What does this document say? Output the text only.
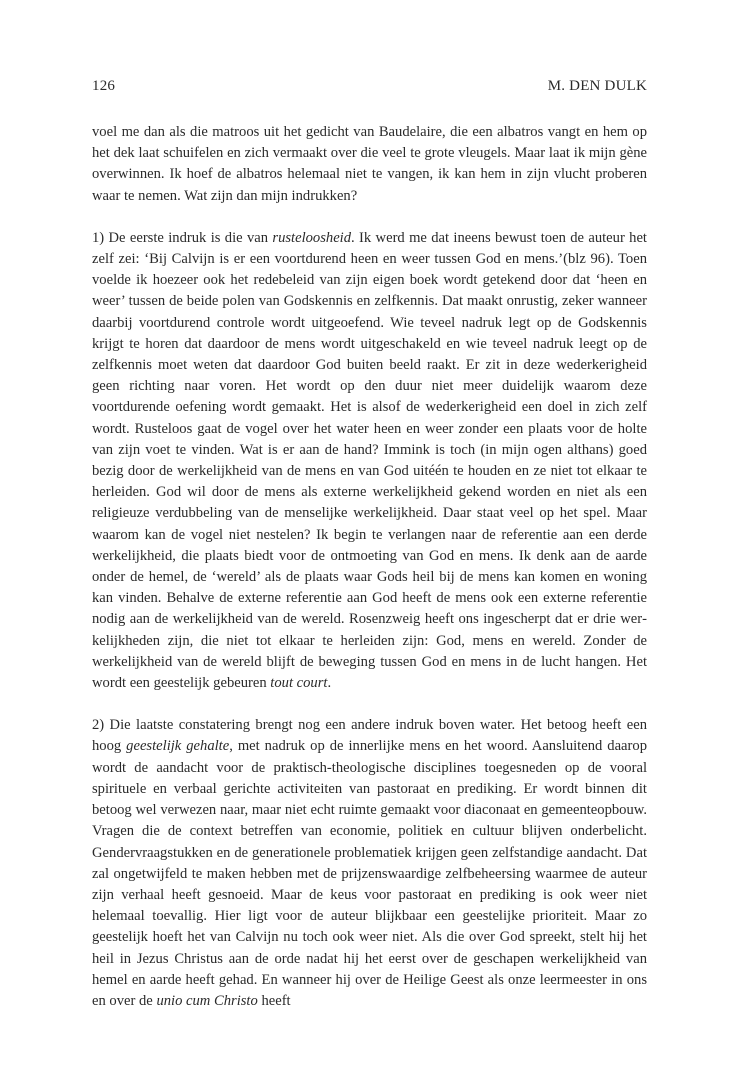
126	M. DEN DULK

voel me dan als die matroos uit het gedicht van Baudelaire, die een albatros vangt en hem op het dek laat schuifelen en zich vermaakt over die veel te grote vleugels. Maar laat ik mijn gène overwinnen. Ik hoef de albatros helemaal niet te vangen, ik kan hem in zijn vlucht proberen waar te nemen. Wat zijn dan mijn indrukken?

1) De eerste indruk is die van rusteloosheid. Ik werd me dat ineens bewust toen de auteur het zelf zei: ‘Bij Calvijn is er een voortdurend heen en weer tussen God en mens.’(blz 96). Toen voelde ik hoezeer ook het redebeleid van zijn eigen boek wordt getekend door dat ‘heen en weer’ tussen de beide polen van Godskennis en zelfkennis. Dat maakt onrustig, zeker wanneer daarbij voortdurend controle wordt uitgeoefend. Wie teveel nadruk legt op de Godskennis krijgt te horen dat daardoor de mens wordt uitgeschakeld en wie teveel nadruk leegt op de zelfkennis moet weten dat daardoor God buiten beeld raakt. Er zit in deze wederkerigheid geen richting naar voren. Het wordt op den duur niet meer duidelijk waarom deze voortdurende oefening wordt gemaakt. Het is alsof de wederkerigheid een doel in zich zelf wordt. Rusteloos gaat de vogel over het water heen en weer zonder een plaats voor de holte van zijn voet te vinden. Wat is er aan de hand? Immink is toch (in mijn ogen althans) goed bezig door de werkelijkheid van de mens en van God uitéén te houden en ze niet tot elkaar te herleiden. God wil door de mens als externe werkelijkheid gekend worden en niet als een religieuze verdubbeling van de menselijke werkelijkheid. Daar staat veel op het spel. Maar waarom kan de vogel niet nestelen? Ik begin te verlangen naar de referentie aan een derde werkelijkheid, die plaats biedt voor de ontmoeting van God en mens. Ik denk aan de aarde onder de hemel, de ‘wereld’ als de plaats waar Gods heil bij de mens kan komen en woning kan vinden. Behalve de externe referentie aan God heeft de mens ook een externe referentie nodig aan de werkelijkheid van de wereld. Rosenzweig heeft ons ingescherpt dat er drie werkelijkheden zijn, die niet tot elkaar te herleiden zijn: God, mens en wereld. Zonder de werkelijkheid van de wereld blijft de beweging tussen God en mens in de lucht hangen. Het wordt een geestelijk gebeuren tout court.

2) Die laatste constatering brengt nog een andere indruk boven water. Het betoog heeft een hoog geestelijk gehalte, met nadruk op de innerlijke mens en het woord. Aansluitend daarop wordt de aandacht voor de praktisch-theologische disciplines toegesneden op de vooral spirituele en verbaal gerichte activiteiten van pastoraat en prediking. Er wordt binnen dit betoog wel verwezen naar, maar niet echt ruimte gemaakt voor diaconaat en gemeenteopbouw. Vragen die de context betreffen van economie, politiek en cultuur blijven onderbelicht. Gendervraagstukken en de generationele problematiek krijgen geen zelfstandige aandacht. Dat zal ongetwijfeld te maken hebben met de prijzenswaardige zelfbeheersing waarmee de auteur zijn verhaal heeft gesnoeid. Maar de keus voor pastoraat en prediking is ook weer niet helemaal toevallig. Hier ligt voor de auteur blijkbaar een geestelijke prioriteit. Maar zo geestelijk hoeft het van Calvijn nu toch ook weer niet. Als die over God spreekt, stelt hij het heil in Jezus Christus aan de orde nadat hij het eerst over de geschapen werkelijkheid van hemel en aarde heeft gehad. En wanneer hij over de Heilige Geest als onze leermeester in ons en over de unio cum Christo heeft
